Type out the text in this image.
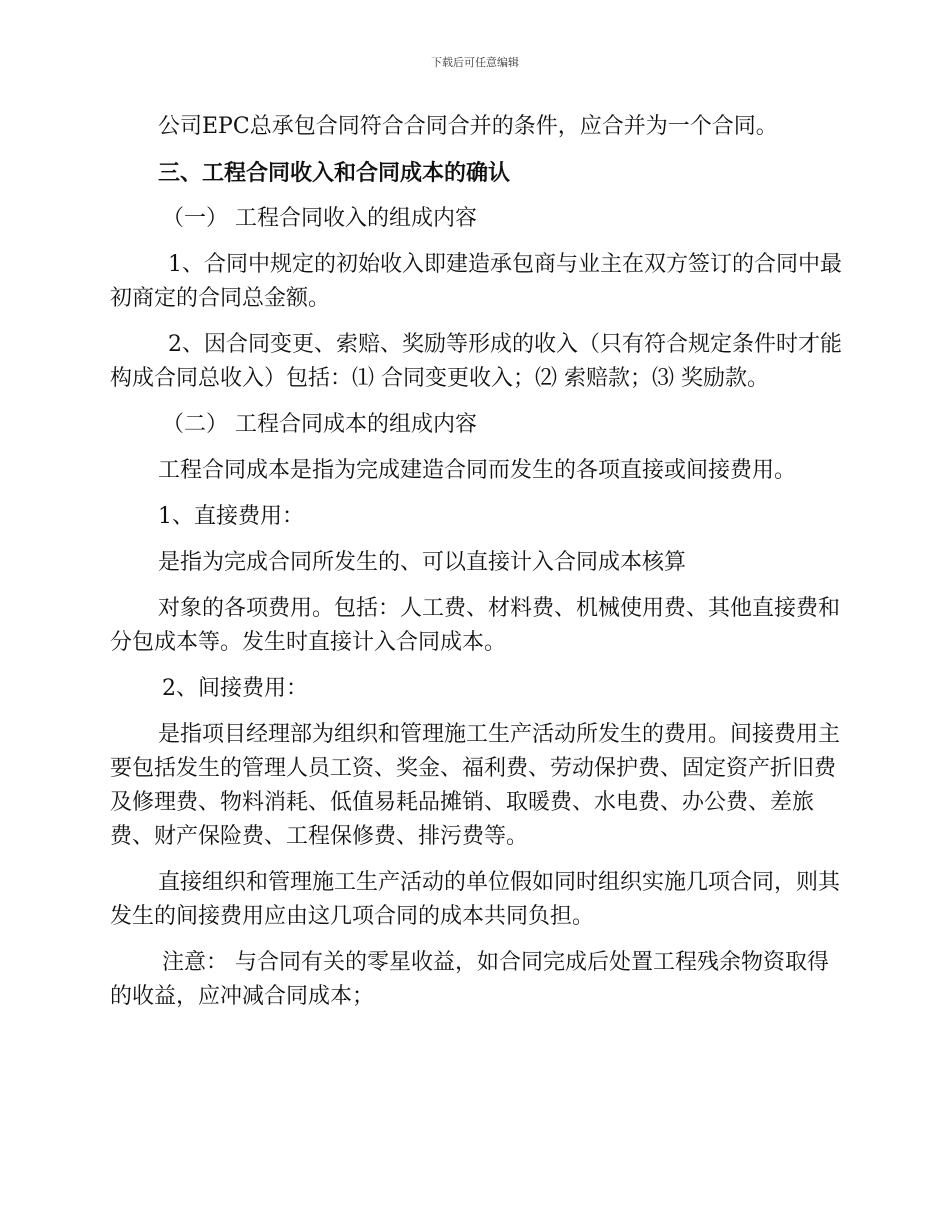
下载后可任意编辑

公司EPC总承包合同符合合同合并的条件，应合并为一个合同。

三、工程合同收入和合同成本的确认

（一） 工程合同收入的组成内容

1、合同中规定的初始收入即建造承包商与业主在双方签订的合同中最初商定的合同总金额。

2、因合同变更、索赔、奖励等形成的收入（只有符合规定条件时才能构成合同总收入）包括：⑴ 合同变更收入；⑵ 索赔款；⑶ 奖励款。

（二） 工程合同成本的组成内容

工程合同成本是指为完成建造合同而发生的各项直接或间接费用。

1、直接费用：

是指为完成合同所发生的、可以直接计入合同成本核算

对象的各项费用。包括：人工费、材料费、机械使用费、其他直接费和分包成本等。发生时直接计入合同成本。

2、间接费用：

是指项目经理部为组织和管理施工生产活动所发生的费用。间接费用主要包括发生的管理人员工资、奖金、福利费、劳动保护费、固定资产折旧费及修理费、物料消耗、低值易耗品摊销、取暖费、水电费、办公费、差旅费、财产保险费、工程保修费、排污费等。

直接组织和管理施工生产活动的单位假如同时组织实施几项合同，则其发生的间接费用应由这几项合同的成本共同负担。

注意： 与合同有关的零星收益，如合同完成后处置工程残余物资取得的收益，应冲减合同成本；
